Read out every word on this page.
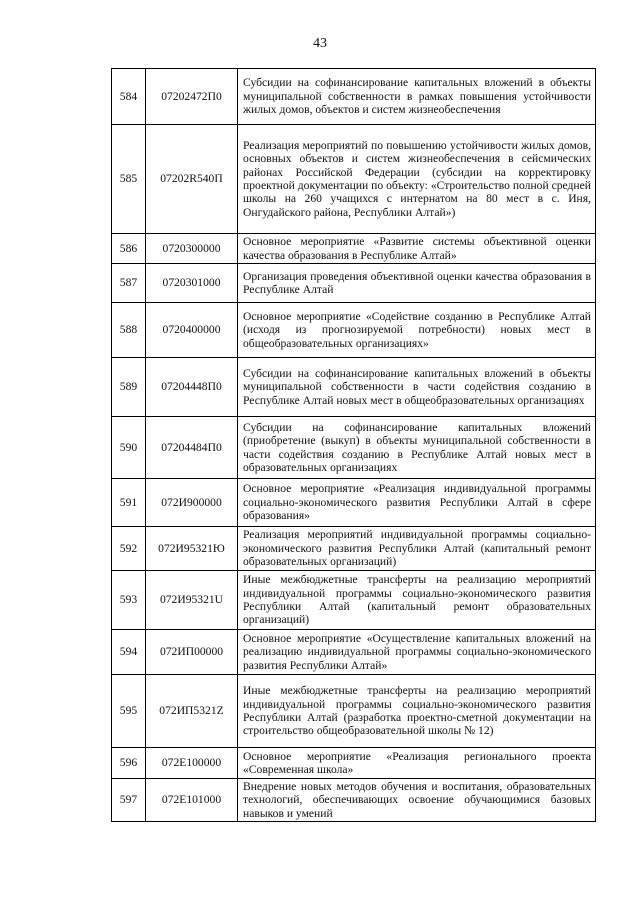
43
584	07202472П0	Субсидии на софинансирование капитальных вложений в объекты муниципальной собственности в рамках повышения устойчивости жилых домов, объектов и систем жизнеобеспечения
585	07202R540П	Реализация мероприятий по повышению устойчивости жилых домов, основных объектов и систем жизнеобеспечения в сейсмических районах Российской Федерации (субсидии на корректировку проектной документации по объекту: «Строительство полной средней школы на 260 учащихся с интернатом на 80 мест в с. Иня, Онгудайского района, Республики Алтай»)
586	0720300000	Основное мероприятие «Развитие системы объективной оценки качества образования в Республике Алтай»
587	0720301000	Организация проведения объективной оценки качества образования в Республике Алтай
588	0720400000	Основное мероприятие «Содействие созданию в Республике Алтай (исходя из прогнозируемой потребности) новых мест в общеобразовательных организациях»
589	07204448П0	Субсидии на софинансирование капитальных вложений в объекты муниципальной собственности в части содействия созданию в Республике Алтай новых мест в общеобразовательных организациях
590	07204484П0	Субсидии на софинансирование капитальных вложений (приобретение (выкуп) в объекты муниципальной собственности в части содействия созданию в Республике Алтай новых мест в образовательных организациях
591	072И900000	Основное мероприятие «Реализация индивидуальной программы социально-экономического развития Республики Алтай в сфере образования»
592	072И95321Ю	Реализация мероприятий индивидуальной программы социально-экономического развития Республики Алтай (капитальный ремонт образовательных организаций)
593	072И95321U	Иные межбюджетные трансферты на реализацию мероприятий индивидуальной программы социально-экономического развития Республики Алтай (капитальный ремонт образовательных организаций)
594	072ИП00000	Основное мероприятие «Осуществление капитальных вложений на реализацию индивидуальной программы социально-экономического развития Республики Алтай»
595	072ИП5321Z	Иные межбюджетные трансферты на реализацию мероприятий индивидуальной программы социально-экономического развития Республики Алтай (разработка проектно-сметной документации на строительство общеобразовательной школы № 12)
596	072Е100000	Основное мероприятие «Реализация регионального проекта «Современная школа»
597	072Е101000	Внедрение новых методов обучения и воспитания, образовательных технологий, обеспечивающих освоение обучающимися базовых навыков и умений
